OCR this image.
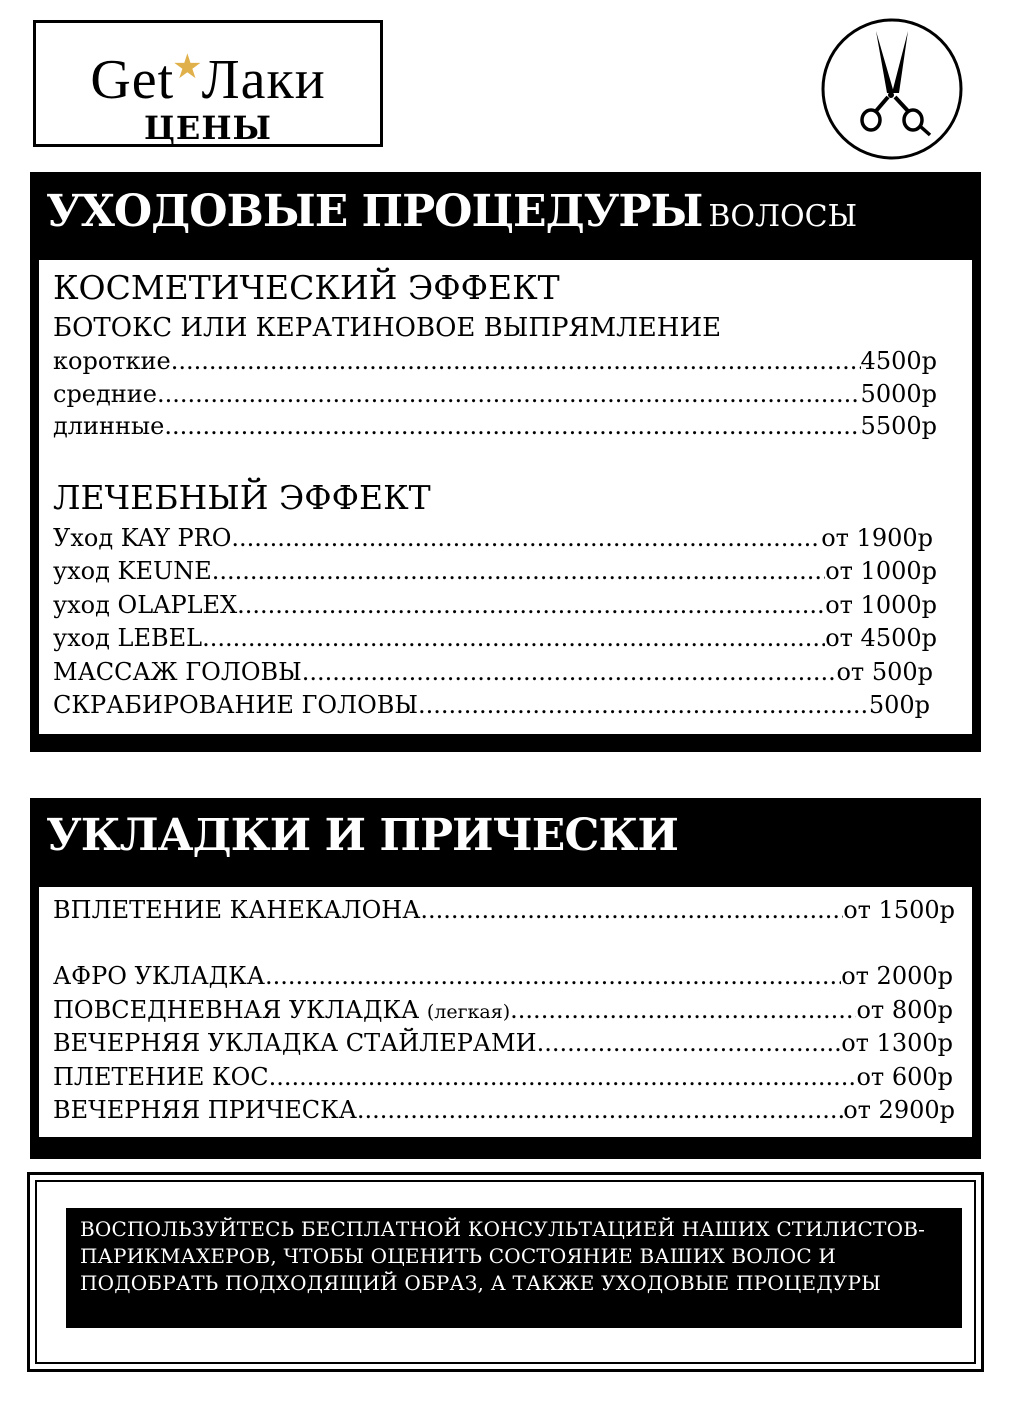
Get★Лаки
ЦЕНЫ
УХОДОВЫЕ ПРОЦЕДУРЫ ВОЛОСЫ
КОСМЕТИЧЕСКИЙ ЭФФЕКТ
БОТОКС ИЛИ КЕРАТИНОВОЕ ВЫПРЯМЛЕНИЕ
короткие .....	4500р
средние .....	5000р
длинные .....	5500р
ЛЕЧЕБНЫЙ ЭФФЕКТ
Уход KAY PRO .....	от 1900р
уход KEUNE .....	от 1000р
уход OLAPLEX .....	от 1000р
уход LEBEL .....	от 4500р
МАССАЖ ГОЛОВЫ .....	от 500р
СКРАБИРОВАНИЕ ГОЛОВЫ .....	500р
УКЛАДКИ И ПРИЧЕСКИ
ВПЛЕТЕНИЕ КАНЕКАЛОНА .....	от 1500р
АФРО УКЛАДКА .....	от 2000р
ПОВСЕДНЕВНАЯ УКЛАДКА (легкая) .....	от 800р
ВЕЧЕРНЯЯ УКЛАДКА СТАЙЛЕРАМИ .....	от 1300р
ПЛЕТЕНИЕ КОС .....	от 600р
ВЕЧЕРНЯЯ ПРИЧЕСКА .....	от 2900р
ВОСПОЛЬЗУЙТЕСЬ БЕСПЛАТНОЙ КОНСУЛЬТАЦИЕЙ НАШИХ СТИЛИСТОВ-
ПАРИКМАХЕРОВ, ЧТОБЫ ОЦЕНИТЬ СОСТОЯНИЕ ВАШИХ ВОЛОС И
ПОДОБРАТЬ ПОДХОДЯЩИЙ ОБРАЗ, А ТАКЖЕ УХОДОВЫЕ ПРОЦЕДУРЫ
